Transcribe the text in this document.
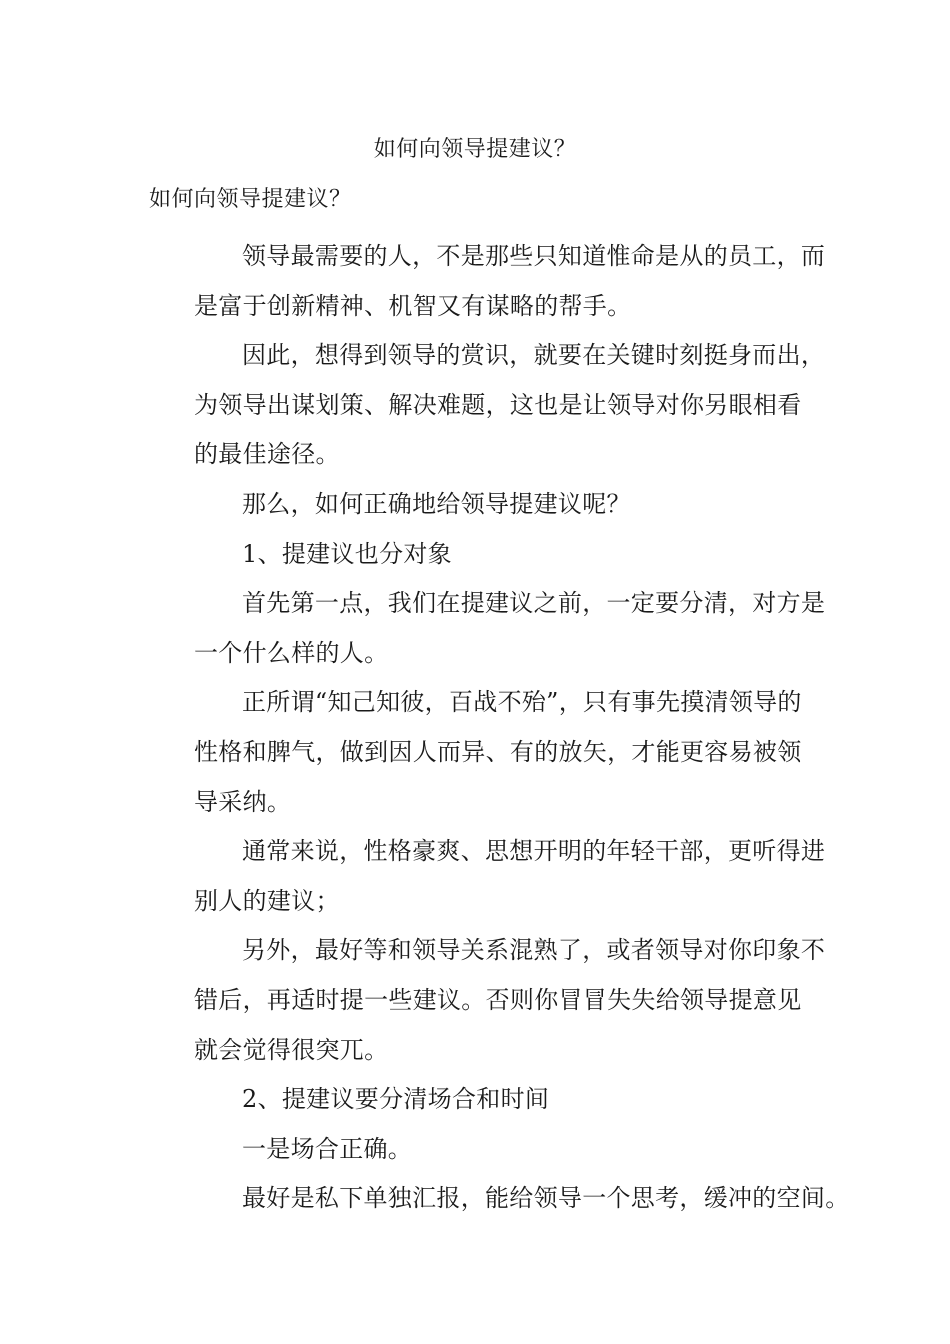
如何向领导提建议？
如何向领导提建议？

领导最需要的人，不是那些只知道惟命是从的员工，而
是富于创新精神、机智又有谋略的帮手。

因此，想得到领导的赏识，就要在关键时刻挺身而出，
为领导出谋划策、解决难题，这也是让领导对你另眼相看
的最佳途径。

那么，如何正确地给领导提建议呢？

1、提建议也分对象

首先第一点，我们在提建议之前，一定要分清，对方是
一个什么样的人。

正所谓“知己知彼，百战不殆”，只有事先摸清领导的
性格和脾气，做到因人而异、有的放矢，才能更容易被领
导采纳。

通常来说，性格豪爽、思想开明的年轻干部，更听得进
别人的建议；

另外，最好等和领导关系混熟了，或者领导对你印象不
错后，再适时提一些建议。否则你冒冒失失给领导提意见
就会觉得很突兀。

2、提建议要分清场合和时间

一是场合正确。

最好是私下单独汇报，能给领导一个思考，缓冲的空间。
